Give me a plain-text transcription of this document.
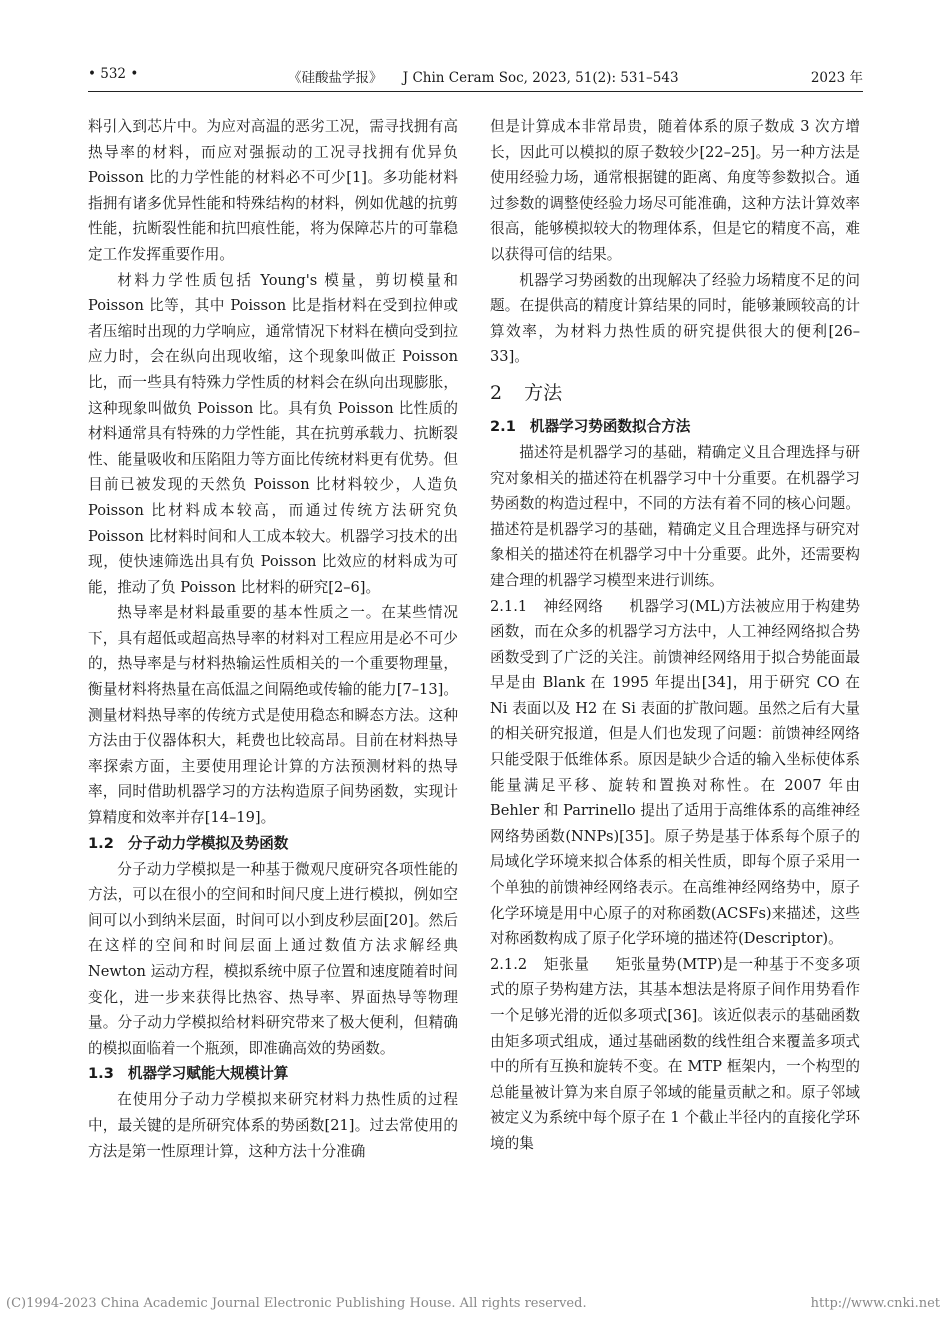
• 532 •	《硅酸盐学报》　　J Chin Ceram Soc, 2023, 51(2): 531–543	2023 年

料引入到芯片中。为应对高温的恶劣工况，需寻找拥有高热导率的材料，而应对强振动的工况寻找拥有优异负 Poisson 比的力学性能的材料必不可少[1]。多功能材料指拥有诸多优异性能和特殊结构的材料，例如优越的抗剪性能，抗断裂性能和抗凹痕性能，将为保障芯片的可靠稳定工作发挥重要作用。

材料力学性质包括 Young's 模量，剪切模量和 Poisson 比等，其中 Poisson 比是指材料在受到拉伸或者压缩时出现的力学响应，通常情况下材料在横向受到拉应力时，会在纵向出现收缩，这个现象叫做正 Poisson 比，而一些具有特殊力学性质的材料会在纵向出现膨胀，这种现象叫做负 Poisson 比。具有负 Poisson 比性质的材料通常具有特殊的力学性能，其在抗剪承载力、抗断裂性、能量吸收和压陷阻力等方面比传统材料更有优势。但目前已被发现的天然负 Poisson 比材料较少，人造负 Poisson 比材料成本较高，而通过传统方法研究负 Poisson 比材料时间和人工成本较大。机器学习技术的出现，使快速筛选出具有负 Poisson 比效应的材料成为可能，推动了负 Poisson 比材料的研究[2–6]。

热导率是材料最重要的基本性质之一。在某些情况下，具有超低或超高热导率的材料对工程应用是必不可少的，热导率是与材料热输运性质相关的一个重要物理量，衡量材料将热量在高低温之间隔绝或传输的能力[7–13]。测量材料热导率的传统方式是使用稳态和瞬态方法。这种方法由于仪器体积大，耗费也比较高昂。目前在材料热导率探索方面，主要使用理论计算的方法预测材料的热导率，同时借助机器学习的方法构造原子间势函数，实现计算精度和效率并存[14–19]。

1.2 分子动力学模拟及势函数

分子动力学模拟是一种基于微观尺度研究各项性能的方法，可以在很小的空间和时间尺度上进行模拟，例如空间可以小到纳米层面，时间可以小到皮秒层面[20]。然后在这样的空间和时间层面上通过数值方法求解经典 Newton 运动方程，模拟系统中原子位置和速度随着时间变化，进一步来获得比热容、热导率、界面热导等物理量。分子动力学模拟给材料研究带来了极大便利，但精确的模拟面临着一个瓶颈，即准确高效的势函数。

1.3 机器学习赋能大规模计算

在使用分子动力学模拟来研究材料力热性质的过程中，最关键的是所研究体系的势函数[21]。过去常使用的方法是第一性原理计算，这种方法十分准确

但是计算成本非常昂贵，随着体系的原子数成 3 次方增长，因此可以模拟的原子数较少[22–25]。另一种方法是使用经验力场，通常根据键的距离、角度等参数拟合。通过参数的调整使经验力场尽可能准确，这种方法计算效率很高，能够模拟较大的物理体系，但是它的精度不高，难以获得可信的结果。

机器学习势函数的出现解决了经验力场精度不足的问题。在提供高的精度计算结果的同时，能够兼顾较高的计算效率，为材料力热性质的研究提供很大的便利[26–33]。

2 方法
2.1 机器学习势函数拟合方法

描述符是机器学习的基础，精确定义且合理选择与研究对象相关的描述符在机器学习中十分重要。在机器学习势函数的构造过程中，不同的方法有着不同的核心问题。描述符是机器学习的基础，精确定义且合理选择与研究对象相关的描述符在机器学习中十分重要。此外，还需要构建合理的机器学习模型来进行训练。

2.1.1 神经网络 机器学习(ML)方法被应用于构建势函数，而在众多的机器学习方法中，人工神经网络拟合势函数受到了广泛的关注。前馈神经网络用于拟合势能面最早是由 Blank 在 1995 年提出[34]，用于研究 CO 在 Ni 表面以及 H2 在 Si 表面的扩散问题。虽然之后有大量的相关研究报道，但是人们也发现了问题：前馈神经网络只能受限于低维体系。原因是缺少合适的输入坐标使体系能量满足平移、旋转和置换对称性。在 2007 年由 Behler 和 Parrinello 提出了适用于高维体系的高维神经网络势函数(NNPs)[35]。原子势是基于体系每个原子的局域化学环境来拟合体系的相关性质，即每个原子采用一个单独的前馈神经网络表示。在高维神经网络势中，原子化学环境是用中心原子的对称函数(ACSFs)来描述，这些对称函数构成了原子化学环境的描述符(Descriptor)。

2.1.2 矩张量 矩张量势(MTP)是一种基于不变多项式的原子势构建方法，其基本想法是将原子间作用势看作一个足够光滑的近似多项式[36]。该近似表示的基础函数由矩多项式组成，通过基础函数的线性组合来覆盖多项式中的所有互换和旋转不变。在 MTP 框架内，一个构型的总能量被计算为来自原子邻域的能量贡献之和。原子邻域被定义为系统中每个原子在 1 个截止半径内的直接化学环境的集

(C)1994-2023 China Academic Journal Electronic Publishing House. All rights reserved.	http://www.cnki.net
